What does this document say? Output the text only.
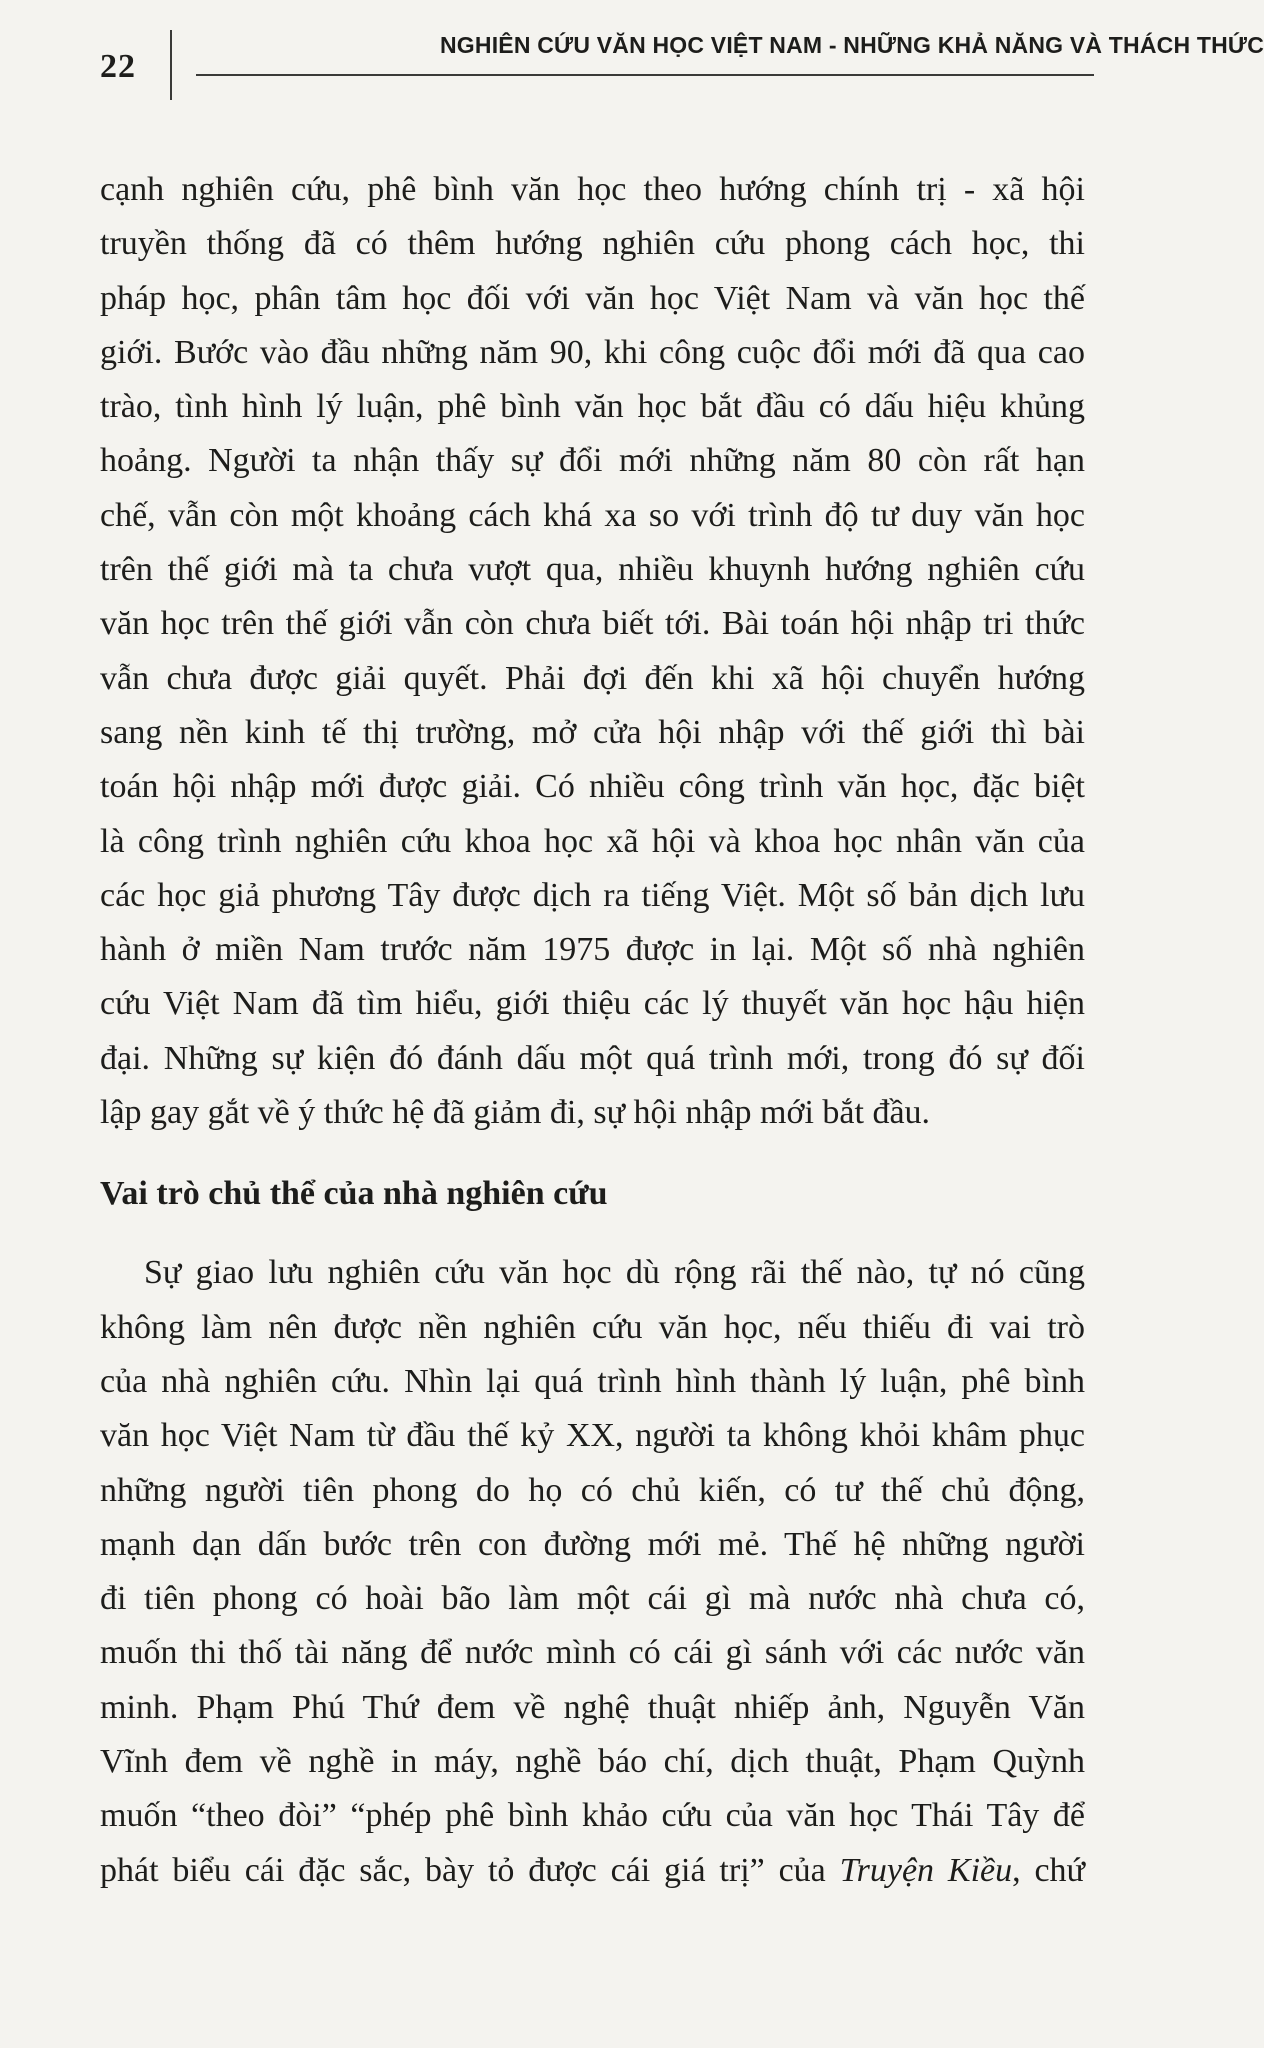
22
NGHIÊN CỨU VĂN HỌC VIỆT NAM - NHỮNG KHẢ NĂNG VÀ THÁCH THỨC
cạnh nghiên cứu, phê bình văn học theo hướng chính trị - xã hội
truyền thống đã có thêm hướng nghiên cứu phong cách học, thi
pháp học, phân tâm học đối với văn học Việt Nam và văn học thế
giới. Bước vào đầu những năm 90, khi công cuộc đổi mới đã qua cao
trào, tình hình lý luận, phê bình văn học bắt đầu có dấu hiệu khủng
hoảng. Người ta nhận thấy sự đổi mới những năm 80 còn rất hạn
chế, vẫn còn một khoảng cách khá xa so với trình độ tư duy văn học
trên thế giới mà ta chưa vượt qua, nhiều khuynh hướng nghiên cứu
văn học trên thế giới vẫn còn chưa biết tới. Bài toán hội nhập tri thức
vẫn chưa được giải quyết. Phải đợi đến khi xã hội chuyển hướng
sang nền kinh tế thị trường, mở cửa hội nhập với thế giới thì bài
toán hội nhập mới được giải. Có nhiều công trình văn học, đặc biệt
là công trình nghiên cứu khoa học xã hội và khoa học nhân văn của
các học giả phương Tây được dịch ra tiếng Việt. Một số bản dịch lưu
hành ở miền Nam trước năm 1975 được in lại. Một số nhà nghiên
cứu Việt Nam đã tìm hiểu, giới thiệu các lý thuyết văn học hậu hiện
đại. Những sự kiện đó đánh dấu một quá trình mới, trong đó sự đối
lập gay gắt về ý thức hệ đã giảm đi, sự hội nhập mới bắt đầu.
Vai trò chủ thể của nhà nghiên cứu
Sự giao lưu nghiên cứu văn học dù rộng rãi thế nào, tự nó cũng
không làm nên được nền nghiên cứu văn học, nếu thiếu đi vai trò
của nhà nghiên cứu. Nhìn lại quá trình hình thành lý luận, phê bình
văn học Việt Nam từ đầu thế kỷ XX, người ta không khỏi khâm phục
những người tiên phong do họ có chủ kiến, có tư thế chủ động,
mạnh dạn dấn bước trên con đường mới mẻ. Thế hệ những người
đi tiên phong có hoài bão làm một cái gì mà nước nhà chưa có,
muốn thi thố tài năng để nước mình có cái gì sánh với các nước văn
minh. Phạm Phú Thứ đem về nghệ thuật nhiếp ảnh, Nguyễn Văn
Vĩnh đem về nghề in máy, nghề báo chí, dịch thuật, Phạm Quỳnh
muốn “theo đòi” “phép phê bình khảo cứu của văn học Thái Tây để
phát biểu cái đặc sắc, bày tỏ được cái giá trị” của Truyện Kiều, chứ
